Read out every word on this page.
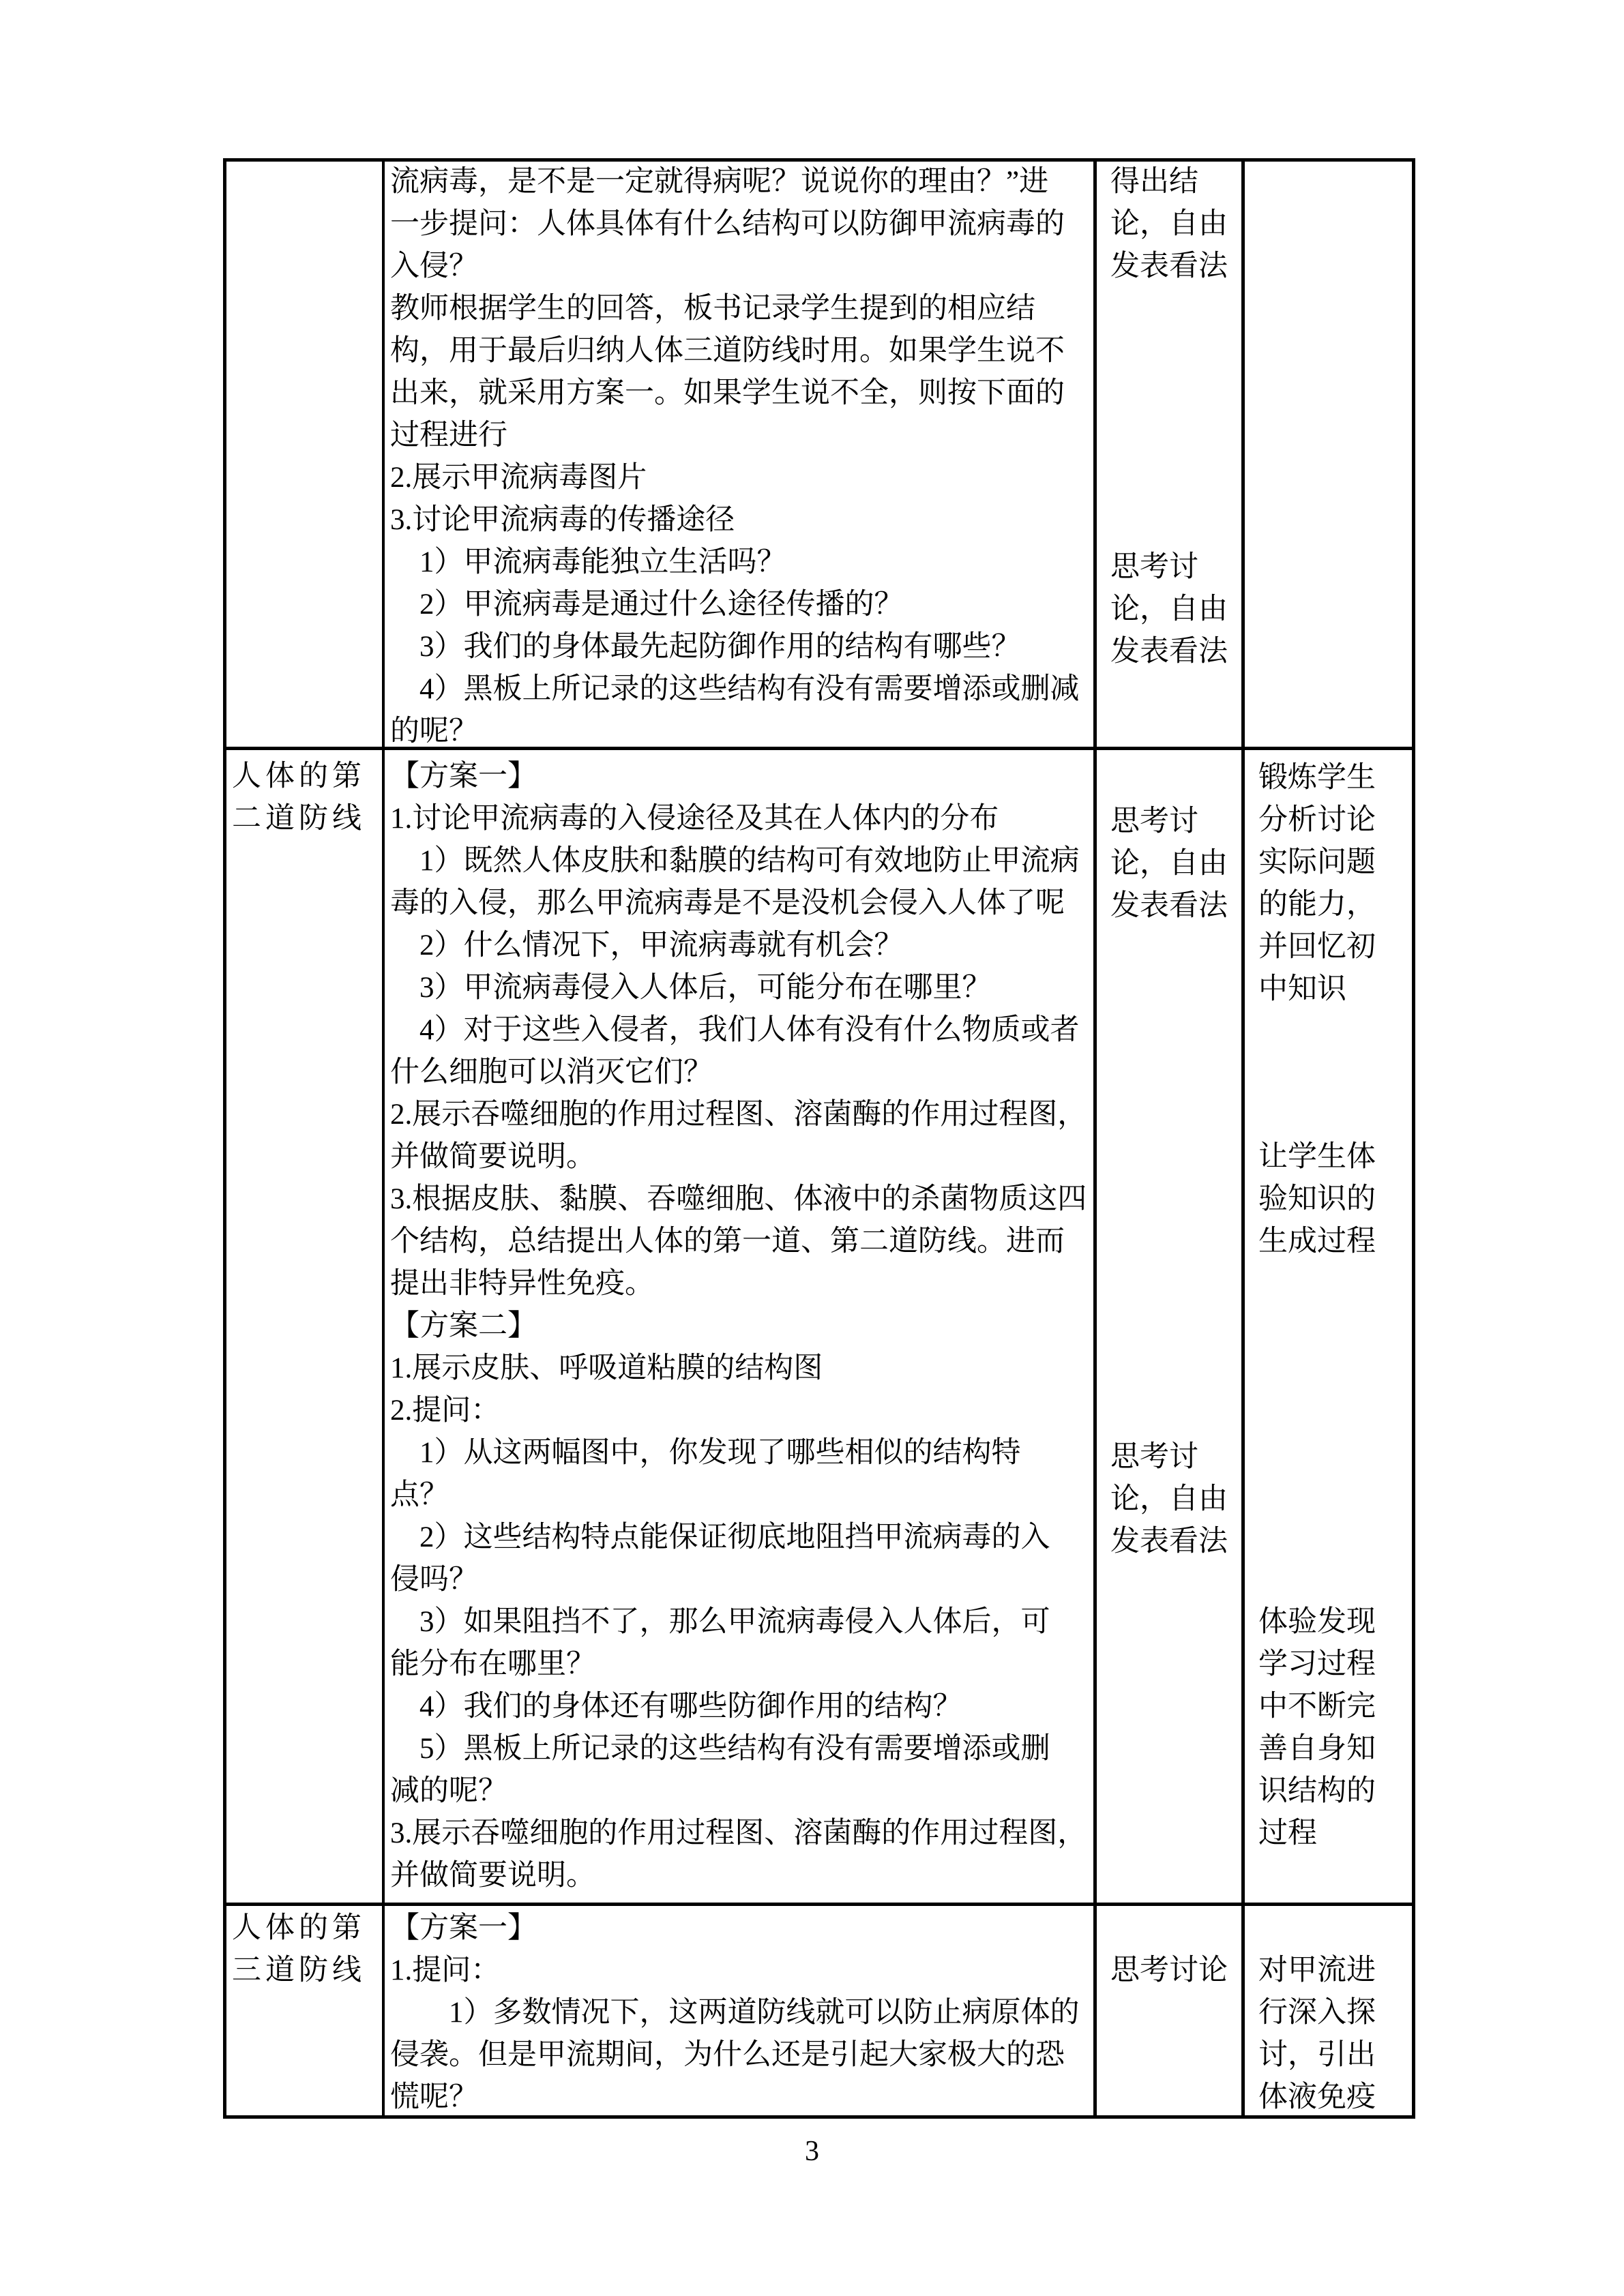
流病毒，是不是一定就得病呢？说说你的理由？”进
一步提问：人体具体有什么结构可以防御甲流病毒的
入侵？
教师根据学生的回答，板书记录学生提到的相应结
构，用于最后归纳人体三道防线时用。如果学生说不
出来，就采用方案一。如果学生说不全，则按下面的
过程进行
2.展示甲流病毒图片
3.讨论甲流病毒的传播途径
　1）甲流病毒能独立生活吗？
　2）甲流病毒是通过什么途径传播的？
　3）我们的身体最先起防御作用的结构有哪些？
　4）黑板上所记录的这些结构有没有需要增添或删减
的呢？
得出结
论，自由
发表看法
思考讨
论，自由
发表看法
人体的第
二道防线
【方案一】
1.讨论甲流病毒的入侵途径及其在人体内的分布
　1）既然人体皮肤和黏膜的结构可有效地防止甲流病
毒的入侵，那么甲流病毒是不是没机会侵入人体了呢
　2）什么情况下，甲流病毒就有机会？
　3）甲流病毒侵入人体后，可能分布在哪里？
　4）对于这些入侵者，我们人体有没有什么物质或者
什么细胞可以消灭它们？
2.展示吞噬细胞的作用过程图、溶菌酶的作用过程图，
并做简要说明。
3.根据皮肤、黏膜、吞噬细胞、体液中的杀菌物质这四
个结构，总结提出人体的第一道、第二道防线。进而
提出非特异性免疫。
【方案二】
1.展示皮肤、呼吸道粘膜的结构图
2.提问：
　1）从这两幅图中，你发现了哪些相似的结构特
点？
　2）这些结构特点能保证彻底地阻挡甲流病毒的入
侵吗？
　3）如果阻挡不了，那么甲流病毒侵入人体后，可
能分布在哪里？
　4）我们的身体还有哪些防御作用的结构？
　5）黑板上所记录的这些结构有没有需要增添或删
减的呢？
3.展示吞噬细胞的作用过程图、溶菌酶的作用过程图，
并做简要说明。
思考讨
论，自由
发表看法
思考讨
论，自由
发表看法
锻炼学生
分析讨论
实际问题
的能力，
并回忆初
中知识
让学生体
验知识的
生成过程
体验发现
学习过程
中不断完
善自身知
识结构的
过程
人体的第
三道防线
【方案一】
1.提问：
　　1）多数情况下，这两道防线就可以防止病原体的
侵袭。但是甲流期间，为什么还是引起大家极大的恐
慌呢？
思考讨论	对甲流进
行深入探
讨，引出
体液免疫
3
